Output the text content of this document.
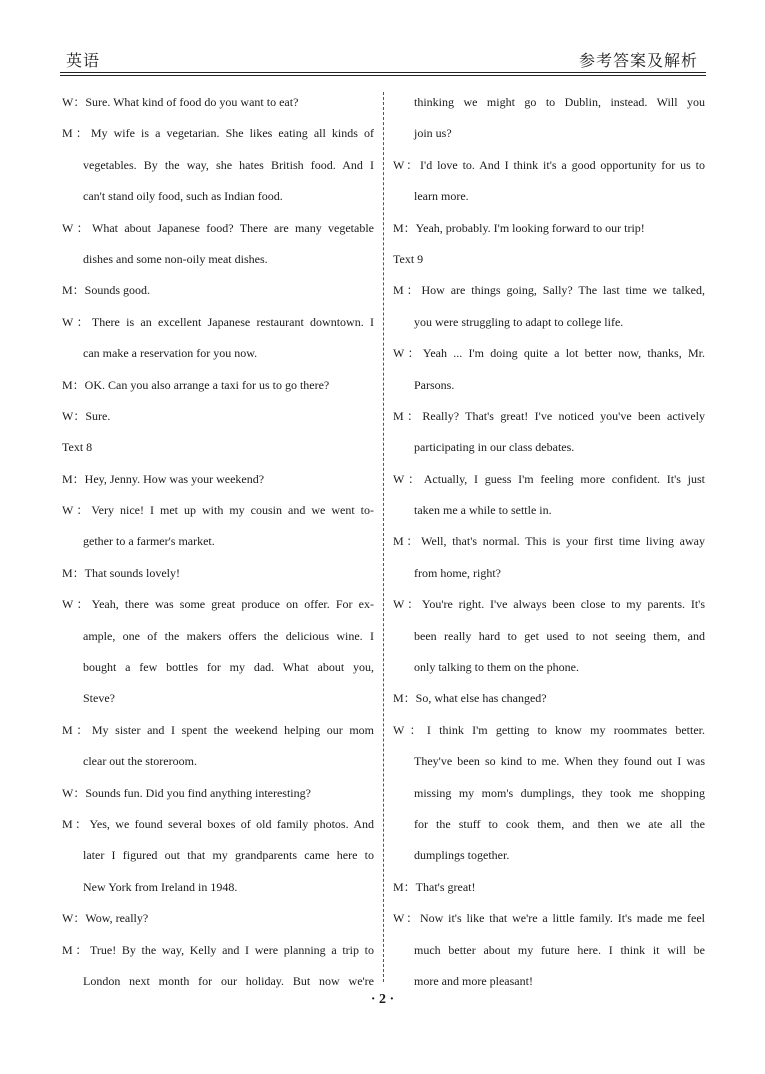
英语	参考答案及解析
W：Sure. What kind of food do you want to eat?
M：My wife is a vegetarian. She likes eating all kinds of
vegetables. By the way, she hates British food. And I
can't stand oily food, such as Indian food.
W：What about Japanese food? There are many vegetable
dishes and some non-oily meat dishes.
M：Sounds good.
W：There is an excellent Japanese restaurant downtown. I
can make a reservation for you now.
M：OK. Can you also arrange a taxi for us to go there?
W：Sure.
Text 8
M：Hey, Jenny. How was your weekend?
W：Very nice! I met up with my cousin and we went to-
gether to a farmer's market.
M：That sounds lovely!
W：Yeah, there was some great produce on offer. For ex-
ample, one of the makers offers the delicious wine. I
bought a few bottles for my dad. What about you,
Steve?
M：My sister and I spent the weekend helping our mom
clear out the storeroom.
W：Sounds fun. Did you find anything interesting?
M：Yes, we found several boxes of old family photos. And
later I figured out that my grandparents came here to
New York from Ireland in 1948.
W：Wow, really?
M：True! By the way, Kelly and I were planning a trip to
London next month for our holiday. But now we're
thinking we might go to Dublin, instead. Will you
join us?
W：I'd love to. And I think it's a good opportunity for us to
learn more.
M：Yeah, probably. I'm looking forward to our trip!
Text 9
M：How are things going, Sally? The last time we talked,
you were struggling to adapt to college life.
W：Yeah ... I'm doing quite a lot better now, thanks, Mr.
Parsons.
M：Really? That's great! I've noticed you've been actively
participating in our class debates.
W：Actually, I guess I'm feeling more confident. It's just
taken me a while to settle in.
M：Well, that's normal. This is your first time living away
from home, right?
W：You're right. I've always been close to my parents. It's
been really hard to get used to not seeing them, and
only talking to them on the phone.
M：So, what else has changed?
W：I think I'm getting to know my roommates better.
They've been so kind to me. When they found out I was
missing my mom's dumplings, they took me shopping
for the stuff to cook them, and then we ate all the
dumplings together.
M：That's great!
W：Now it's like that we're a little family. It's made me feel
much better about my future here. I think it will be
more and more pleasant!
· 2 ·
